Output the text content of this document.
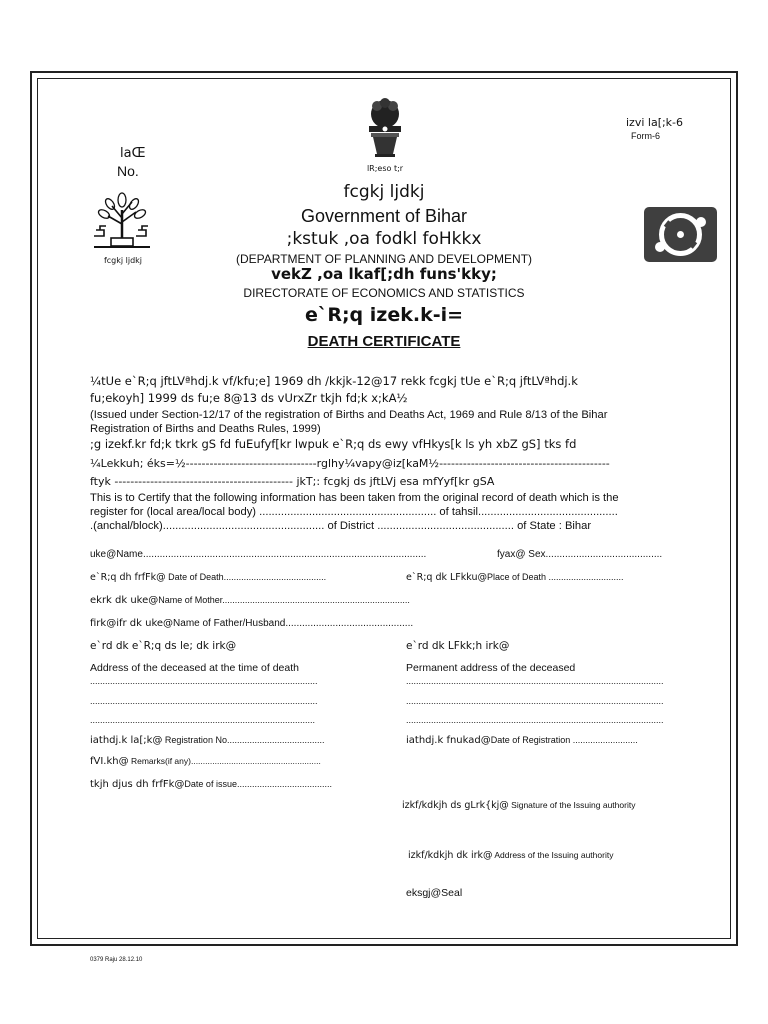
izvi la[;k-6
Form-6
laŒ
No.	lR;eso t;r
fcgkj ljdkj
fcgkj ljdkj
Government of Bihar
;kstuk ,oa fodkl foHkkx
(DEPARTMENT OF PLANNING AND DEVELOPMENT)
vekZ ,oa lkaf[;dh funs'kky;
DIRECTORATE OF ECONOMICS AND STATISTICS
e`R;q izek.k-i=
DEATH CERTIFICATE
¼tUe e`R;q jftLVªhdj.k vf/kfu;e] 1969 dh /kkjk-12@17 rekk fcgkj tUe e`R;q jftLVªhdj.k
fu;ekoyh] 1999 ds fu;e 8@13 ds vUrxZr tkjh fd;k x;kA½
(Issued under Section-12/17 of the registration of Births and Deaths Act, 1969 and Rule 8/13 of the Bihar
Registration of Births and Deaths Rules, 1999)
;g izekf.kr fd;k tkrk gS fd fuEufyf[kr lwpuk e`R;q ds ewy vfHkys[k ls yh xbZ gS] tks fd
¼Lekkuh; éks=½---------------------------------rglhy¼vapy@iz[kaM½-------------------------------------------
ftyk --------------------------------------------- jkT;: fcgkj ds jftLVj esa mfYyf[kr gSA
This is to Certify that the following information has been taken from the original record of death which is the
register for (local area/local body) ......................................................... of tahsil.............................................
.(anchal/block).................................................... of District ............................................ of State : Bihar
uke@Name......................................................................................................	fyax@ Sex..........................................
e`R;q dh frfFk@ Date of Death.........................................	e`R;q dk LFkku@Place of Death ..............................
ekrk dk uke@Name of Mother...........................................................................
firk@ifr dk uke@Name of Father/Husband..............................................
e`rd dk e`R;q ds le; dk irk@	e`rd dk LFkk;h irk@
Address of the deceased at the time of death	Permanent address of the deceased
...........................................................................................
...........................................................................................
..........................................................................................
.......................................................................................................
.......................................................................................................
.......................................................................................................
iathdj.k la[;k@ Registration No.......................................	iathdj.k fnukad@Date of Registration ..........................
fVI.kh@ Remarks(if any).......................................................
tkjh djus dh frfFk@Date of issue......................................
izkf/kdkjh ds gLrk{kj@ Signature of the Issuing authority
izkf/kdkjh dk irk@ Address of the Issuing authority
eksgj@Seal
0379 Raju 28.12.10
